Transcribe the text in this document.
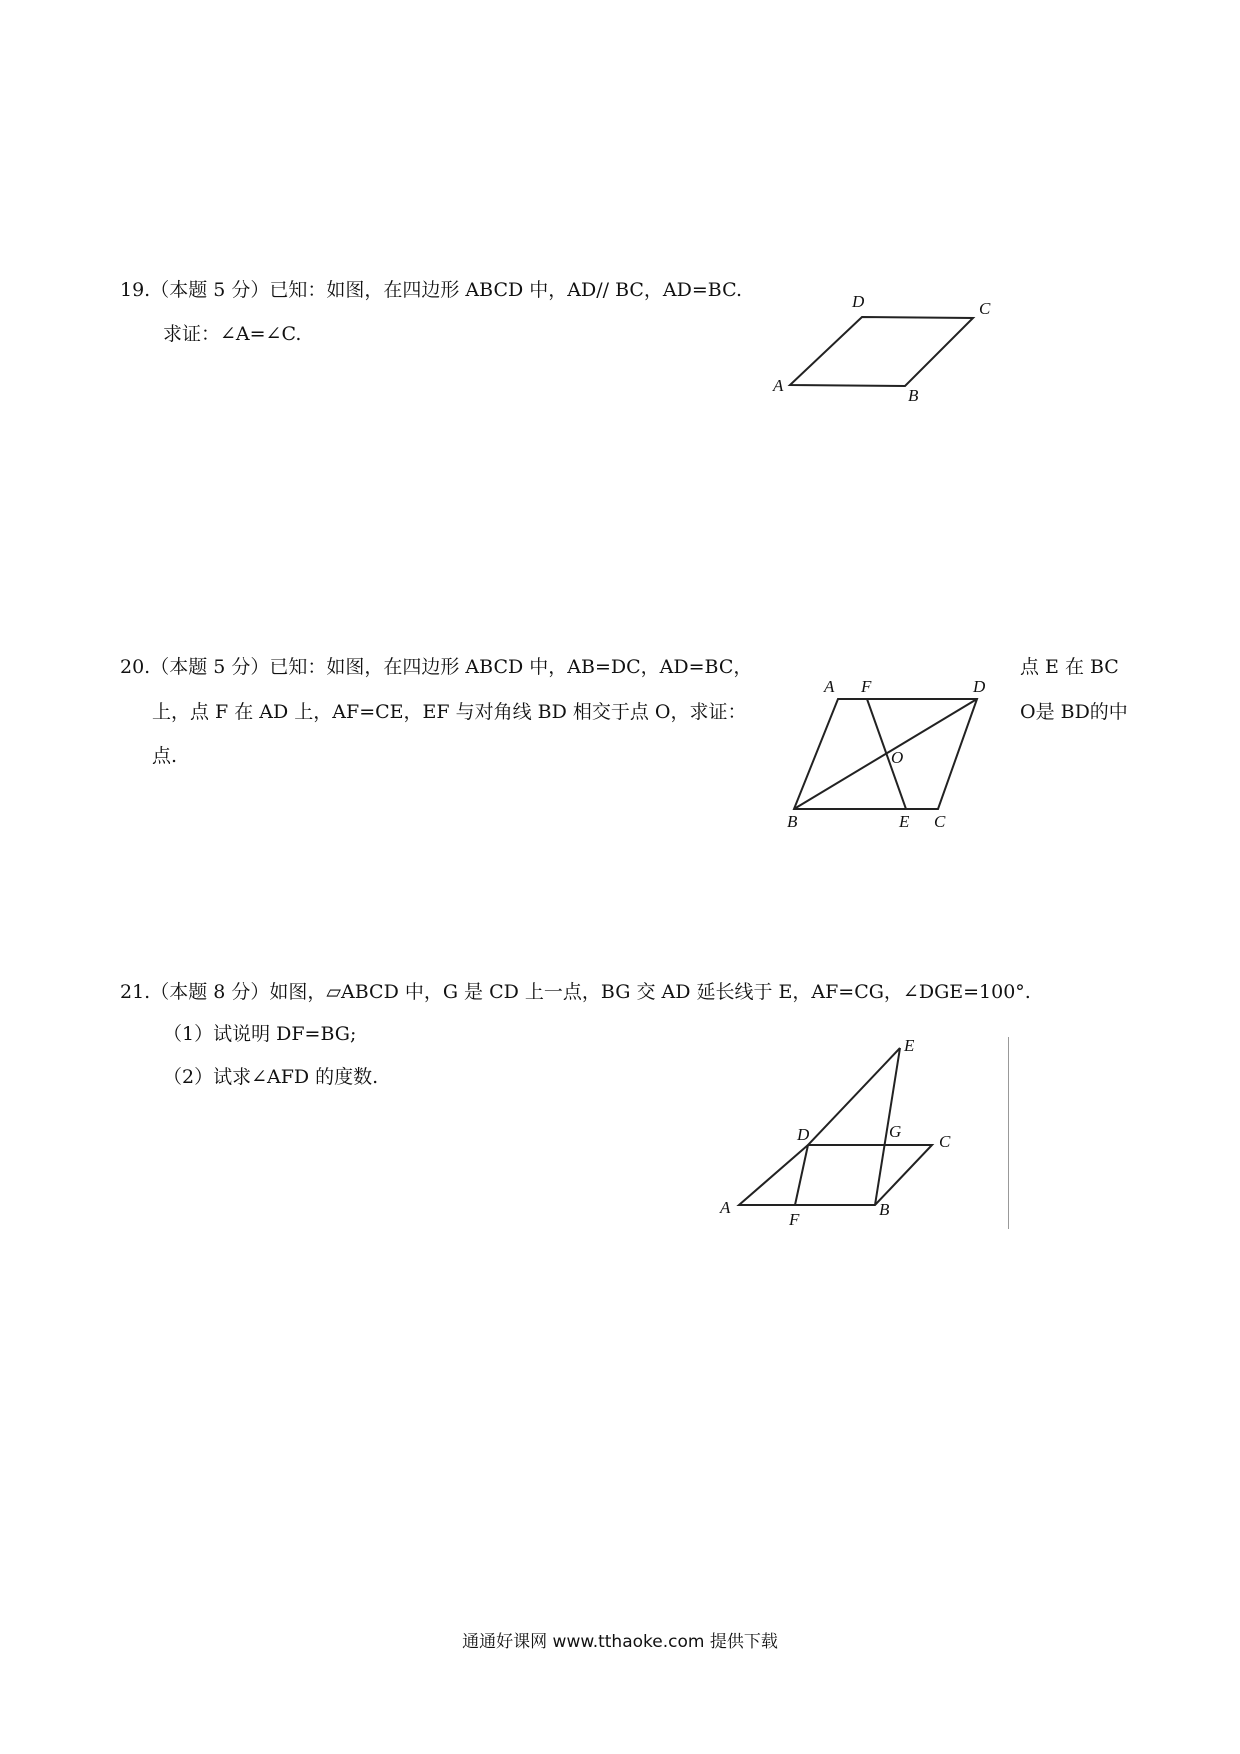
19.（本题 5 分）已知：如图，在四边形 ABCD 中，AD// BC，AD=BC.
求证：∠A=∠C.
D	C
A
B
20.（本题 5 分）已知：如图，在四边形 ABCD 中，AB=DC，AD=BC，	点 E 在 BC
上，点 F 在 AD 上，AF=CE，EF 与对角线 BD 相交于点 O，求证：	O是 BD的中
点.
A F	D
O
B	E C
21.（本题 8 分）如图，▱ABCD 中，G 是 CD 上一点，BG 交 AD 延长线于 E，AF=CG，∠DGE=100°.
（1）试说明 DF=BG;
（2）试求∠AFD 的度数.
E
D	G
C
A
F
B
通通好课网 www.tthaoke.com 提供下载
